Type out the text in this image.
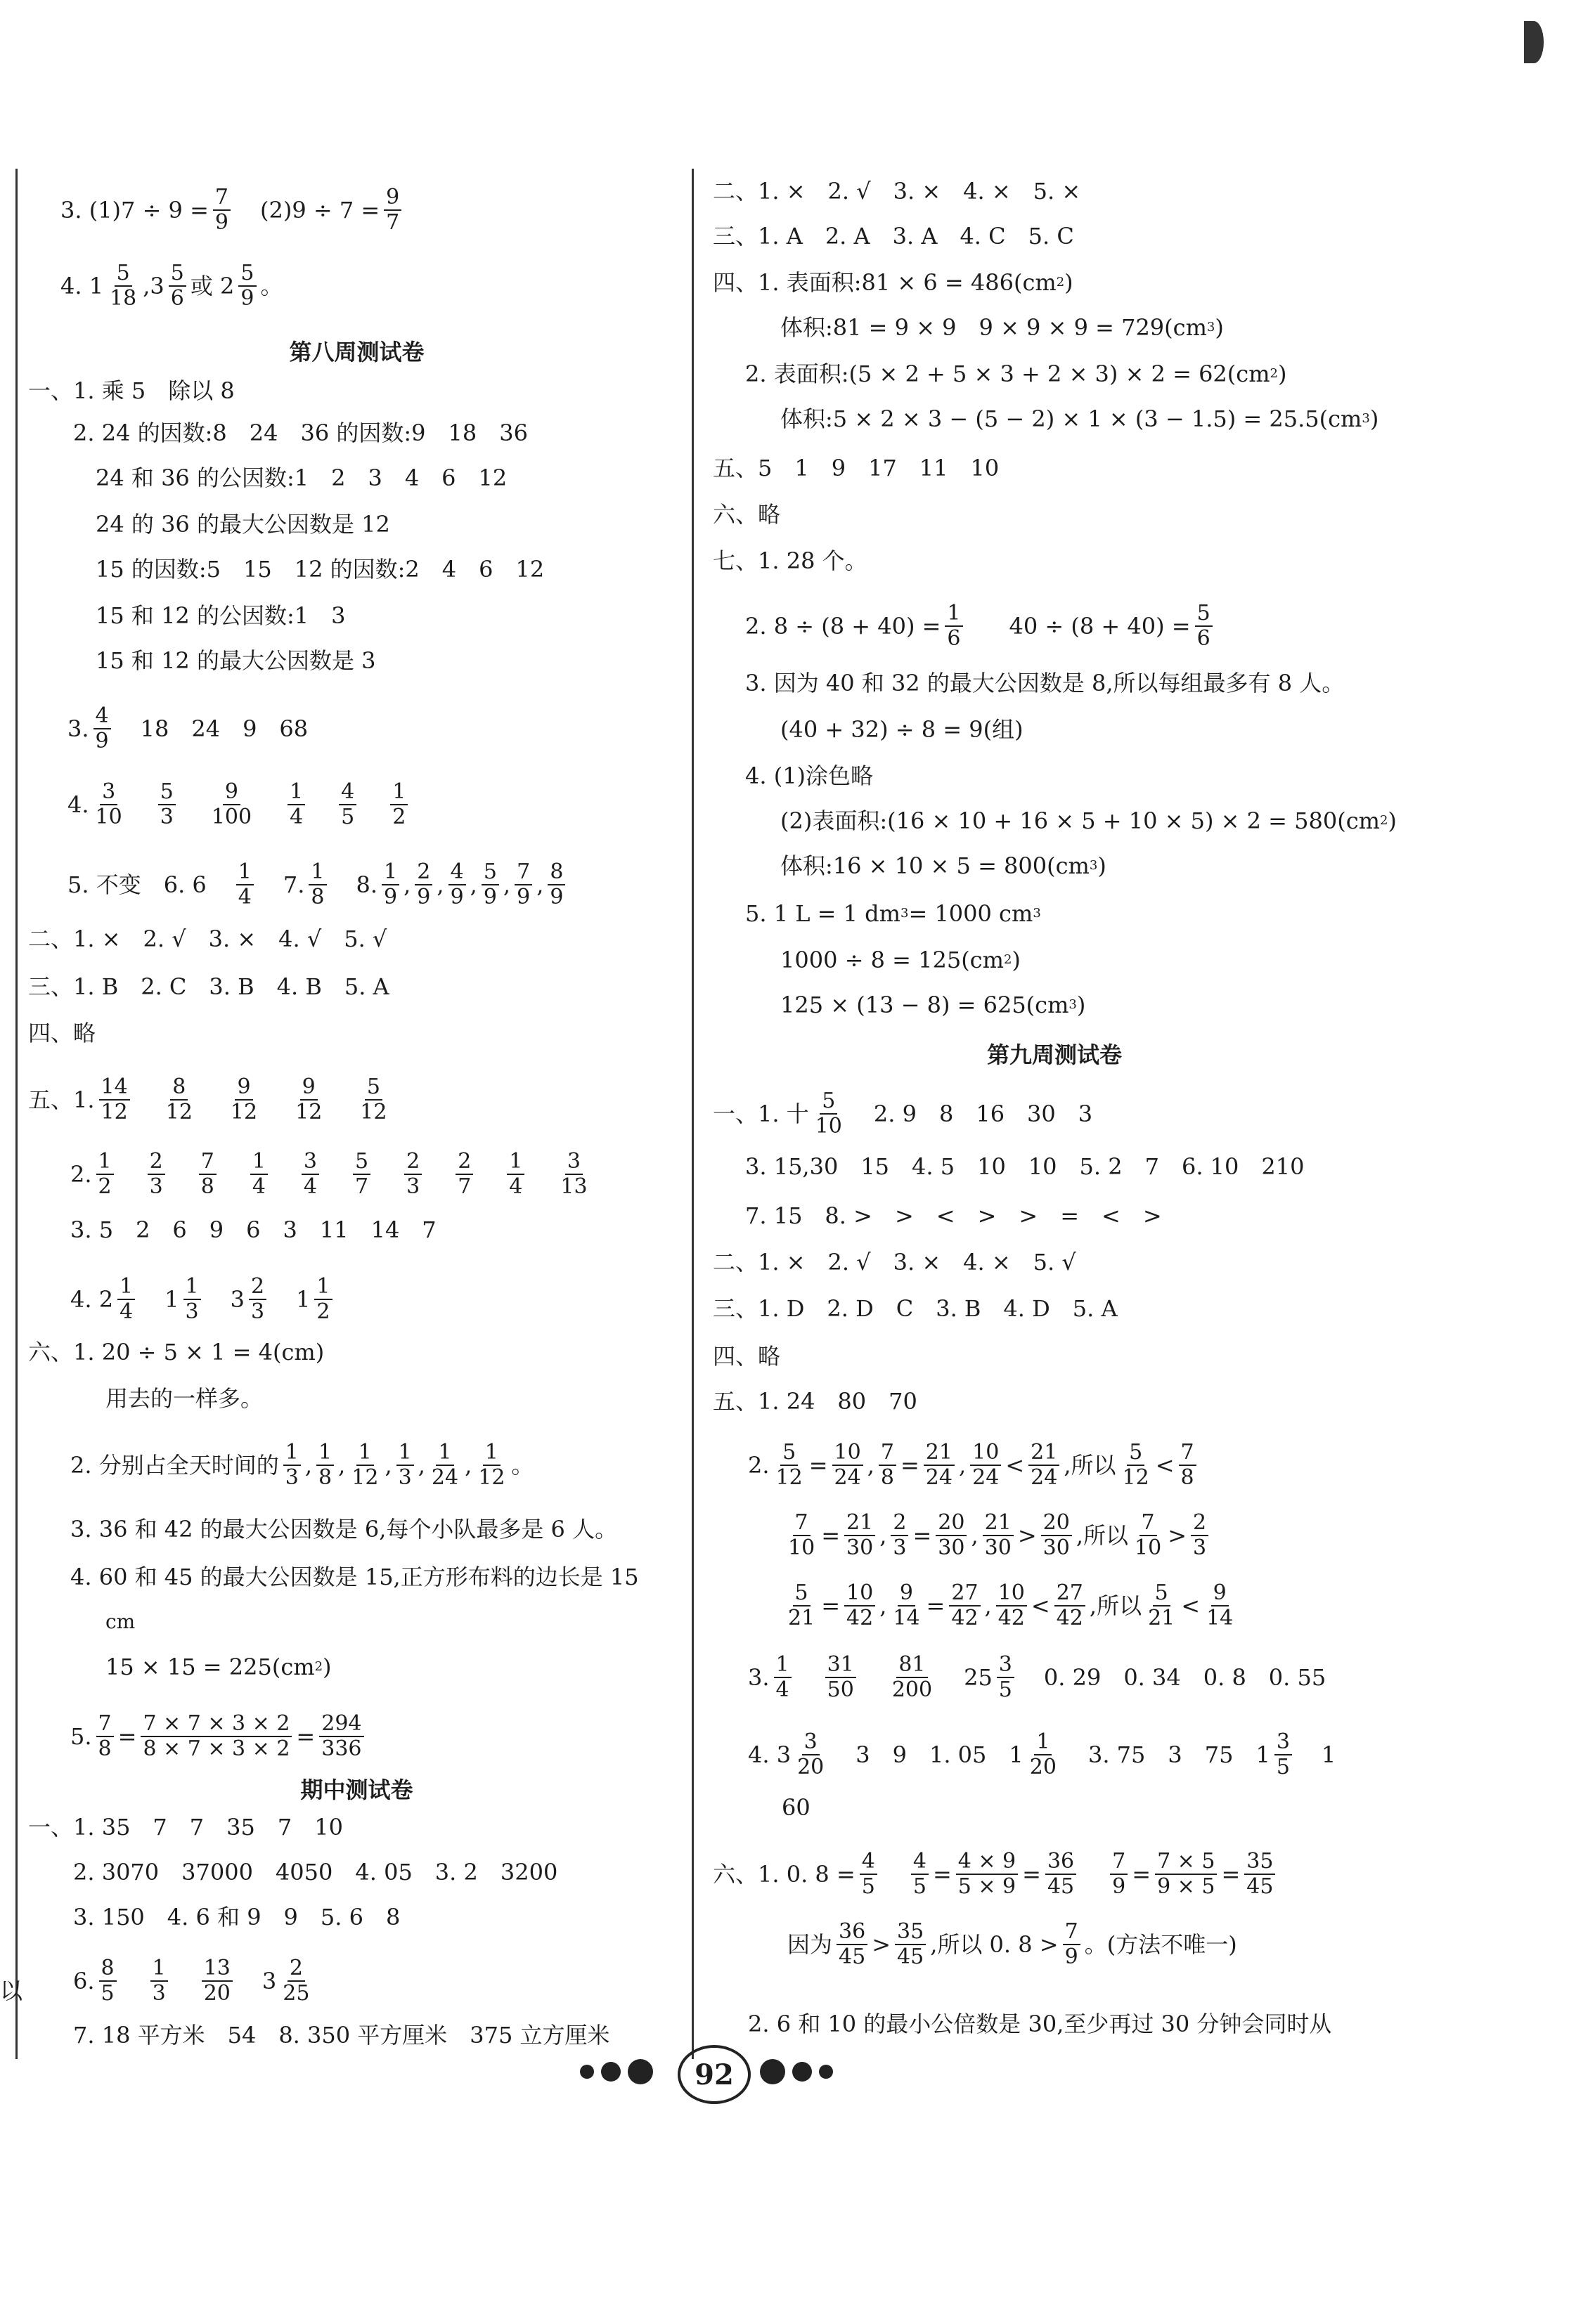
以
3. $(1)7 \div 9 = \frac{7}{9} (2)9 \div 7 = \frac{9}{7}$
4. $1 \frac{5}{18}$ , $3 \frac{5}{6}$ 或 $2 \frac{5}{9}$ 。
第八周测试卷
一、1. 乘 5　除以 8
2. 24 的因数:8　24　36 的因数:9　18　36
24 和 36 的公因数:1　2　3　4　6　12
24 的 36 的最大公因数是 12
15 的因数:5　15　12 的因数:2　4　6　12
15 和 12 的公因数:1　3
15 和 12 的最大公因数是 3
3. $\frac{4}{9} 18$　24　9　68
4. $\frac{3}{10} \frac{5}{3} \frac{9}{100} \frac{1}{4} \frac{4}{5} \frac{1}{2}$
5. 不变　6. $6 \frac{1}{4} 7$. $\frac{1}{8} 8$. $\frac{1}{9}$ , $\frac{2}{9}$ , $\frac{4}{9}$ , $\frac{5}{9}$ , $\frac{7}{9}$ , $\frac{8}{9}$
二、1. ×　2. √　3. ×　4. √　5. √
三、1. B　2. C　3. B　4. B　5. A
四、略
五、1. $\frac{14}{12} \frac{8}{12} \frac{9}{12} \frac{9}{12} \frac{5}{12}$
2. $\frac{1}{2} \frac{2}{3} \frac{7}{8} \frac{1}{4} \frac{3}{4} \frac{5}{7} \frac{2}{3} \frac{2}{7} \frac{1}{4} \frac{3}{13}$
3. 5　2　6　9　6　3　11　14　7
4. $2 \frac{1}{4} 1 \frac{1}{3} 3 \frac{2}{3} 1 \frac{1}{2}$
六、1. 20 ÷ 5 × 1 = 4(cm)
用去的一样多。
2. 分别占全天时间的 $\frac{1}{3}$ , $\frac{1}{8}$ , $\frac{1}{12}$ , $\frac{1}{3}$ , $\frac{1}{24}$ , $\frac{1}{12}$ 。
3. 36 和 42 的最大公因数是 6,每个小队最多是 6 人。
4. 60 和 45 的最大公因数是 15,正方形布料的边长是 15
cm
15 × 15 = 225(cm 2 )
5. $\frac{7}{8} = \frac{7 \times 7 \times 3 \times 2}{8 \times 7 \times 3 \times 2} = \frac{294}{336}$
期中测试卷
一、1. 35　7　7　35　7　10
2. 3070　37000　4050　4. 05　3. 2　3200
3. 150　4. 6 和 9　9　5. 6　8
6. $\frac{8}{5} \frac{1}{3} \frac{13}{20} 3 \frac{2}{25}$
7. 18 平方米　54　8. 350 平方厘米　375 立方厘米
二、1. ×　2. √　3. ×　4. ×　5. ×
三、1. A　2. A　3. A　4. C　5. C
四、1. 表面积:81 × 6 = 486(cm 2 )
体积:81 = 9 × 9　9 × 9 × 9 = 729(cm 3 )
2. 表面积:(5 × 2 + 5 × 3 + 2 × 3) × 2 = 62(cm 2 )
体积:5 × 2 × 3 − (5 − 2) × 1 × (3 − 1.5) = 25.5(cm 3 )
五、5　1　9　17　11　10
六、略
七、1. 28 个。
2. $8 \div (8 + 40) = \frac{1}{6} 40 \div (8 + 40) = \frac{5}{6}$
3. 因为 40 和 32 的最大公因数是 8,所以每组最多有 8 人。
(40 + 32) ÷ 8 = 9(组)
4. (1)涂色略
(2)表面积:(16 × 10 + 16 × 5 + 10 × 5) × 2 = 580(cm 2 )
体积:16 × 10 × 5 = 800(cm 3 )
5. 1 L = 1 dm 3 = 1000 cm 3
1000 ÷ 8 = 125(cm 2 )
125 × (13 − 8) = 625(cm 3 )
第九周测试卷
一、1. 十 $\frac{5}{10} 2$. 9　8　16　30　3
3. 15,30　15　4. 5　10　10　5. 2　7　6. 10　210
7. 15　8. >　>　<　>　>　=　<　>
二、1. ×　2. √　3. ×　4. ×　5. √
三、1. D　2. D　C　3. B　4. D　5. A
四、略
五、1. 24　80　70
2. $\frac{5}{12} = \frac{10}{24}$ , $\frac{7}{8} = \frac{21}{24}$ , $\frac{10}{24} < \frac{21}{24}$ ,所以 $\frac{5}{12} < \frac{7}{8}$
$\frac{7}{10} = \frac{21}{30}$ , $\frac{2}{3} = \frac{20}{30}$ , $\frac{21}{30} > \frac{20}{30}$ ,所以 $\frac{7}{10} > \frac{2}{3}$
$\frac{5}{21} = \frac{10}{42}$ , $\frac{9}{14} = \frac{27}{42}$ , $\frac{10}{42} < \frac{27}{42}$ ,所以 $\frac{5}{21} < \frac{9}{14}$
3. $\frac{1}{4} \frac{31}{50} \frac{81}{200} 25 \frac{3}{5} 0$. 29　0. 34　0. 8　0. 55
4. $3 \frac{3}{20} 3$　9　1. 05　$1 \frac{1}{20} 3$. 75　3　75　$1 \frac{3}{5} 1$
60
六、1. 0. $8 = \frac{4}{5} \frac{4}{5} = \frac{4 \times 9}{5 \times 9} = \frac{36}{45} \frac{7}{9} = \frac{7 \times 5}{9 \times 5} = \frac{35}{45}$
因为 $\frac{36}{45} > \frac{35}{45}$ ,所以 0. $8 > \frac{7}{9}$ 。(方法不唯一)
2. 6 和 10 的最小公倍数是 30,至少再过 30 分钟会同时从
92
